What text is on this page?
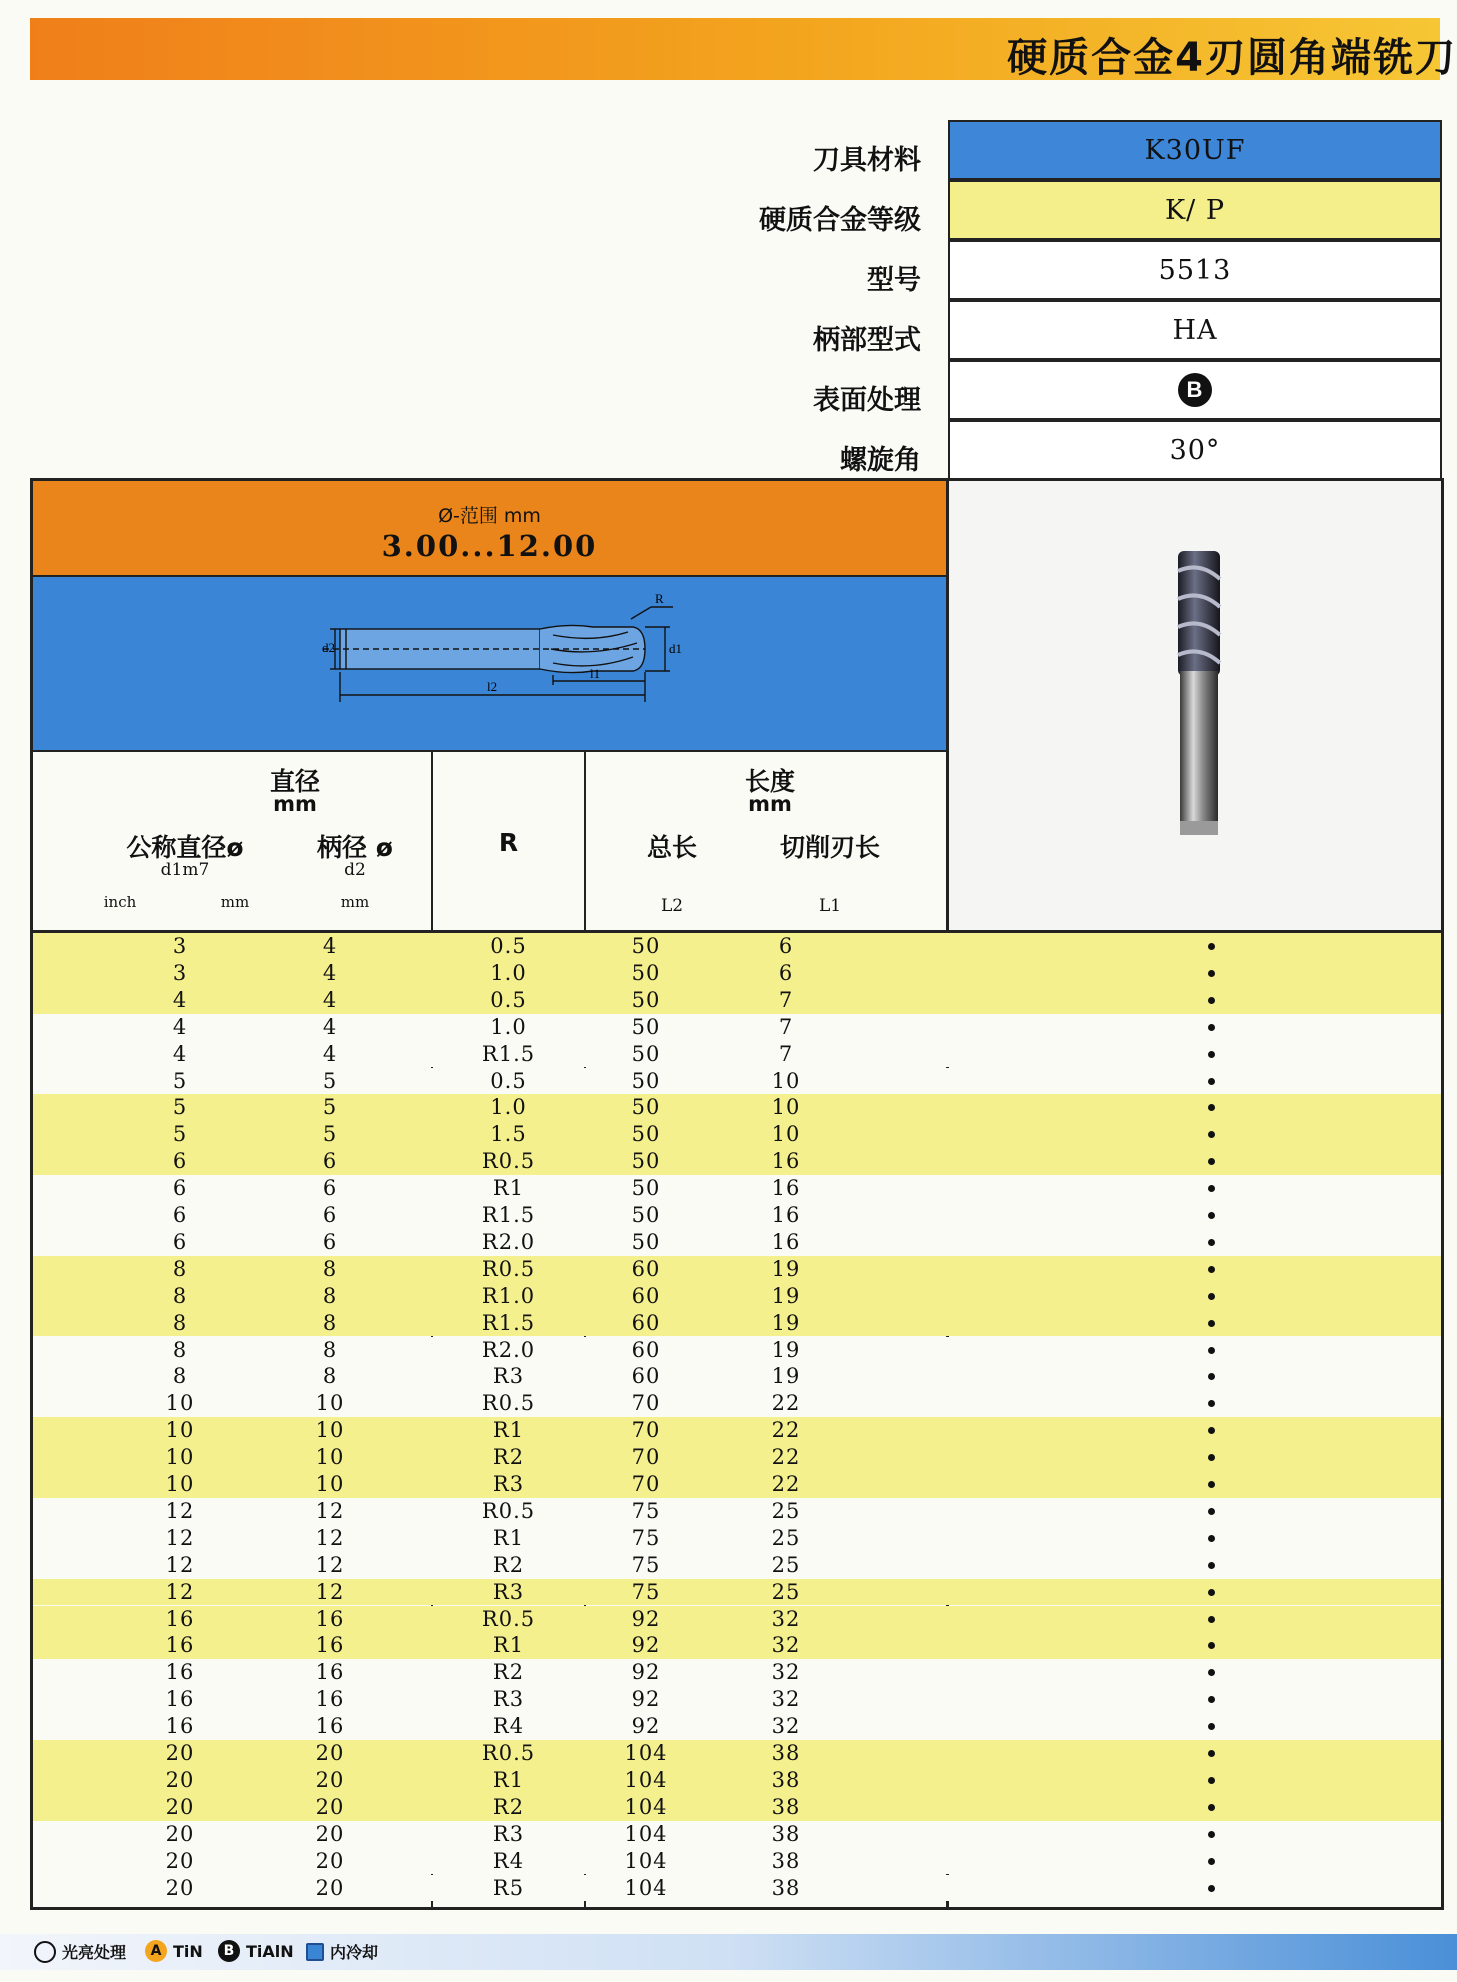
硬质合金4刃圆角端铣刀
刀具材料	K30UF
硬质合金等级	K/ P
型号	5513
柄部型式	HA
表面处理	B
螺旋角	30°
Ø-范围 mm
3.00...12.00
d2
l2
l1
R
d1
直径
mm
公称直径ø
d1m7
柄径 ø
d2
inch	mm	mm
R
长度
mm
总长	切削刃长
L2	L1
3	4	0.5	50	6
3	4	1.0	50	6
4	4	0.5	50	7
4	4	1.0	50	7
4	4	R1.5	50	7
5	5	0.5	50	10
5	5	1.0	50	10
5	5	1.5	50	10
6	6	R0.5	50	16
6	6	R1	50	16
6	6	R1.5	50	16
6	6	R2.0	50	16
8	8	R0.5	60	19
8	8	R1.0	60	19
8	8	R1.5	60	19
8	8	R2.0	60	19
8	8	R3	60	19
10	10	R0.5	70	22
10	10	R1	70	22
10	10	R2	70	22
10	10	R3	70	22
12	12	R0.5	75	25
12	12	R1	75	25
12	12	R2	75	25
12	12	R3	75	25
16	16	R0.5	92	32
16	16	R1	92	32
16	16	R2	92	32
16	16	R3	92	32
16	16	R4	92	32
20	20	R0.5	104	38
20	20	R1	104	38
20	20	R2	104	38
20	20	R3	104	38
20	20	R4	104	38
20	20	R5	104	38
光亮处理	A TiN	B TiAlN 内冷却
